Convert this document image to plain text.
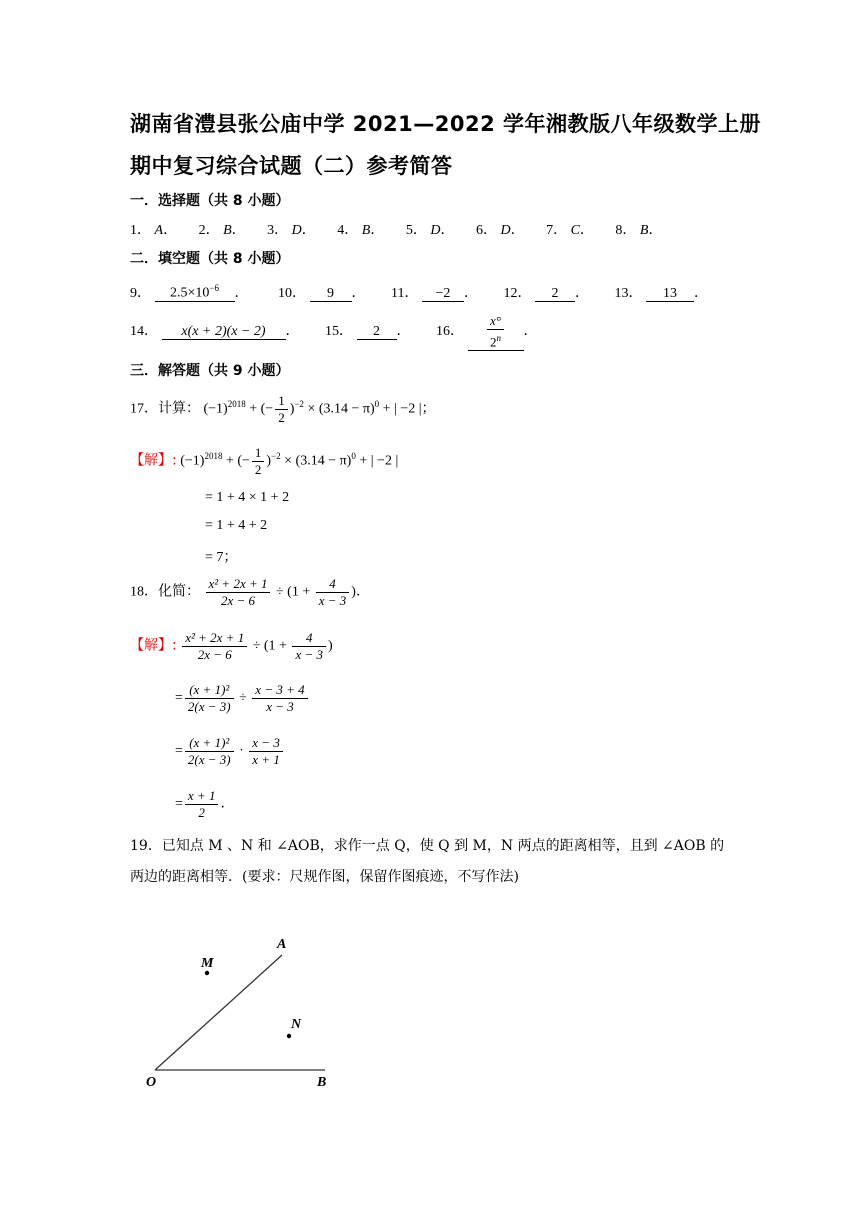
湖南省澧县张公庙中学 2021—2022 学年湘教版八年级数学上册
期中复习综合试题（二）参考简答
一．选择题（共 8 小题）
1． A． 2． B． 3． D． 4． B． 5． D． 6． D． 7． C． 8． B．
二．填空题（共 8 小题）
9． $2.5\times 10^{-6}$ ． 10． 9 ． 11． −2 ． 12． 2 ． 13． 13 ．
14． x(x + 2)(x − 2) ． 15． 2 ． 16． $\frac{x^\circ}{2^n}$ ．
三．解答题（共 9 小题）
17．计算： $(-1)^{2018}$ + (− $\frac{1}{2} )^{-2} \times (3.14 - \pi)^0$ + | −2 |；
【解】: $(-1)^{2018}$ + (− $\frac{1}{2} )^{-2} \times (3.14 - \pi)^0$ + | −2 |
= 1 + 4 × 1 + 2
= 1 + 4 + 2
= 7；
18．化简： $\frac{\text{x² + 2x + 1}}{2x - 6} \div (1 + \frac{4}{x - 3}$ )．
【解】: $\frac{\text{x² + 2x + 1}}{2x - 6} \div (1 + \frac{4}{x - 3}$ )
= $\frac{\text{(x + 1)²}}{2(x - 3)} \div \frac{x - 3 + 4}{x - 3}$
= $\frac{\text{(x + 1)²}}{2(x - 3)} \cdot \frac{x - 3}{x + 1}$
= $\frac{x + 1}{2}$ ．
19．已知点 M 、N 和 ∠AOB，求作一点 Q，使 Q 到 M，N 两点的距离相等，且到 ∠AOB 的
两边的距离相等．(要求：尺规作图，保留作图痕迹，不写作法)
A
M
N
O	B
